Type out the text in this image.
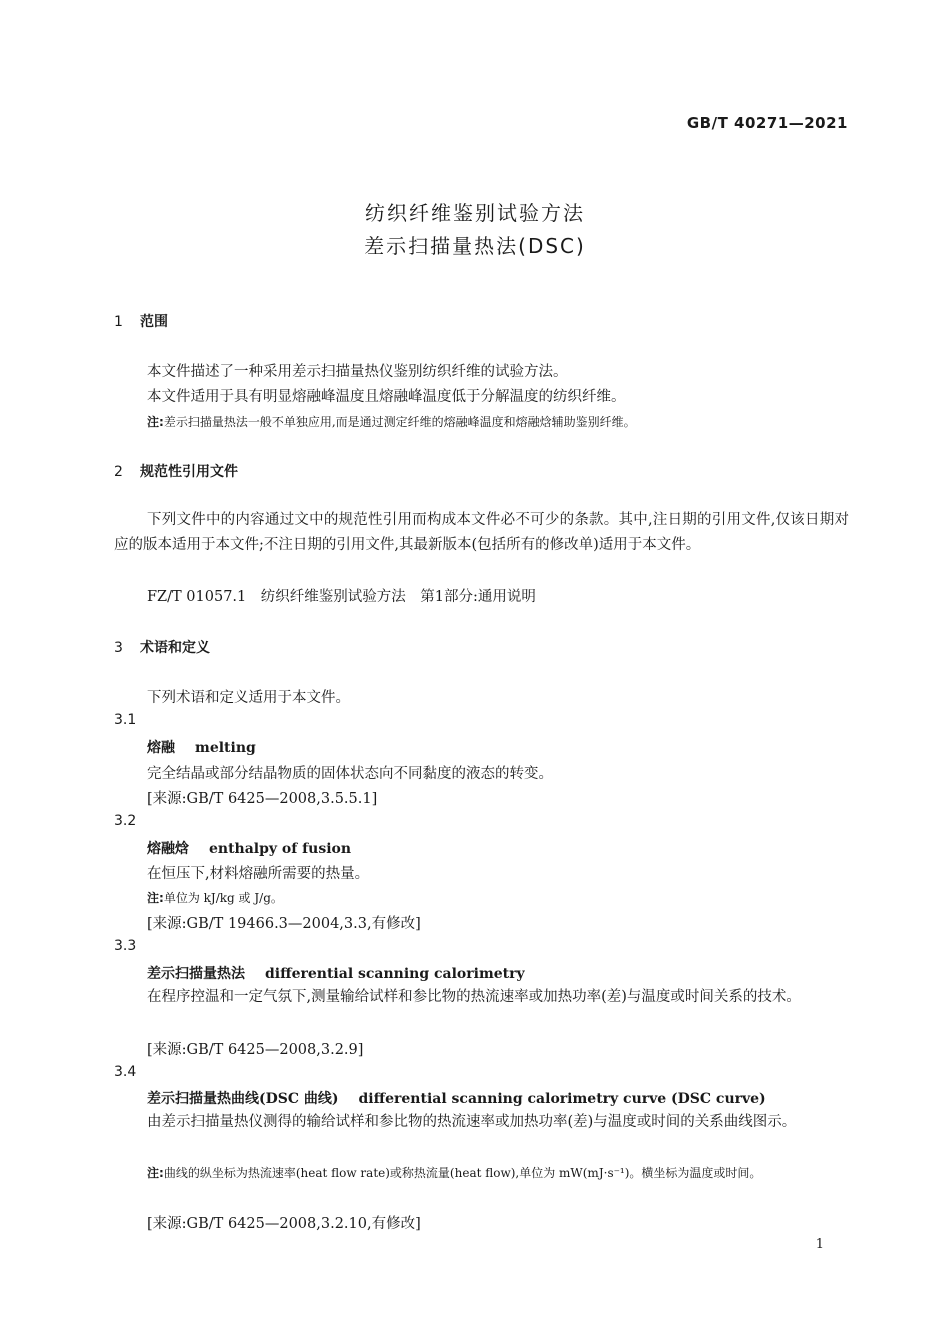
GB/T 40271—2021
纺织纤维鉴别试验方法
差示扫描量热法(DSC)
1 范围
本文件描述了一种采用差示扫描量热仪鉴别纺织纤维的试验方法。
本文件适用于具有明显熔融峰温度且熔融峰温度低于分解温度的纺织纤维。
注:差示扫描量热法一般不单独应用,而是通过测定纤维的熔融峰温度和熔融焓辅助鉴别纤维。
2 规范性引用文件
下列文件中的内容通过文中的规范性引用而构成本文件必不可少的条款。其中,注日期的引用文件,仅该日期对应的版本适用于本文件;不注日期的引用文件,其最新版本(包括所有的修改单)适用于本文件。
FZ/T 01057.1　纺织纤维鉴别试验方法　第1部分:通用说明
3 术语和定义
下列术语和定义适用于本文件。
3.1
熔融 melting
完全结晶或部分结晶物质的固体状态向不同黏度的液态的转变。
[来源:GB/T 6425—2008,3.5.5.1]
3.2
熔融焓 enthalpy of fusion
在恒压下,材料熔融所需要的热量。
注:单位为 kJ/kg 或 J/g。
[来源:GB/T 19466.3—2004,3.3,有修改]
3.3
差示扫描量热法 differential scanning calorimetry
在程序控温和一定气氛下,测量输给试样和参比物的热流速率或加热功率(差)与温度或时间关系的技术。
[来源:GB/T 6425—2008,3.2.9]
3.4
差示扫描量热曲线(DSC 曲线) differential scanning calorimetry curve (DSC curve)
由差示扫描量热仪测得的输给试样和参比物的热流速率或加热功率(差)与温度或时间的关系曲线图示。
注:曲线的纵坐标为热流速率(heat flow rate)或称热流量(heat flow),单位为 mW(mJ·s⁻¹)。横坐标为温度或时间。
[来源:GB/T 6425—2008,3.2.10,有修改]
1
